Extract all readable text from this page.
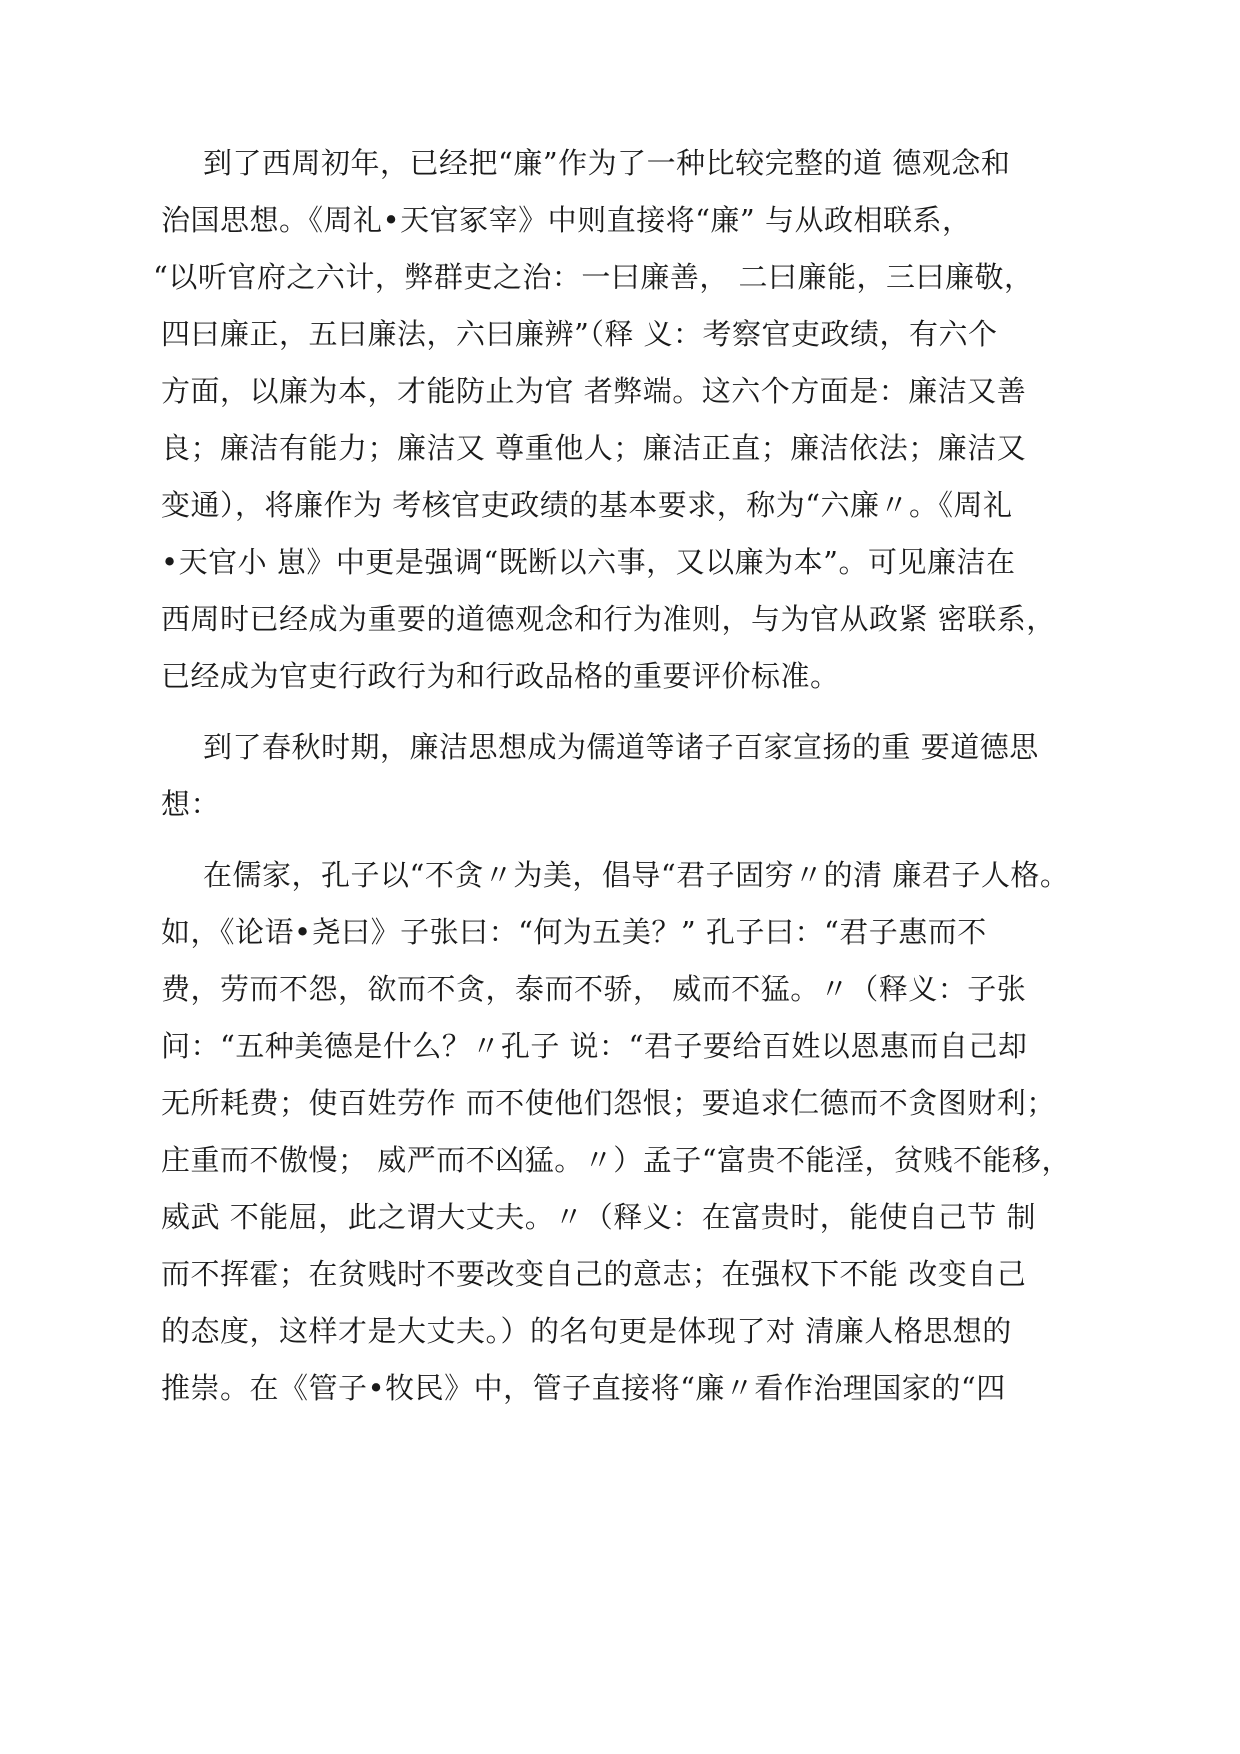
到了西周初年，已经把“廉”作为了一种比较完整的道 德观念和
治国思想。《周礼•天官冢宰》中则直接将“廉” 与从政相联系，
“以听官府之六计，弊群吏之治：一曰廉善， 二曰廉能，三曰廉敬，
四曰廉正，五曰廉法，六曰廉辨”（释 义：考察官吏政绩，有六个
方面，以廉为本，才能防止为官 者弊端。这六个方面是：廉洁又善
良；廉洁有能力；廉洁又 尊重他人；廉洁正直；廉洁依法；廉洁又
变通），将廉作为 考核官吏政绩的基本要求，称为“六廉〃。《周礼
•天官小 崽》中更是强调“既断以六事，又以廉为本”。可见廉洁在
西周时已经成为重要的道德观念和行为准则，与为官从政紧 密联系，
已经成为官吏行政行为和行政品格的重要评价标准。
到了春秋时期，廉洁思想成为儒道等诸子百家宣扬的重 要道德思
想：
在儒家，孔子以“不贪〃为美，倡导“君子固穷〃的清 廉君子人格。
如，《论语•尧曰》子张曰：“何为五美？” 孔子曰：“君子惠而不
费，劳而不怨，欲而不贪，泰而不骄， 威而不猛。〃（释义：子张
问：“五种美德是什么？〃孔子 说：“君子要给百姓以恩惠而自己却
无所耗费；使百姓劳作 而不使他们怨恨；要追求仁德而不贪图财利；
庄重而不傲慢； 威严而不凶猛。〃）孟子“富贵不能淫，贫贱不能移，
威武 不能屈，此之谓大丈夫。〃（释义：在富贵时，能使自己节 制
而不挥霍；在贫贱时不要改变自己的意志；在强权下不能 改变自己
的态度，这样才是大丈夫。）的名句更是体现了对 清廉人格思想的
推崇。在《管子•牧民》中，管子直接将“廉〃看作治理国家的“四
